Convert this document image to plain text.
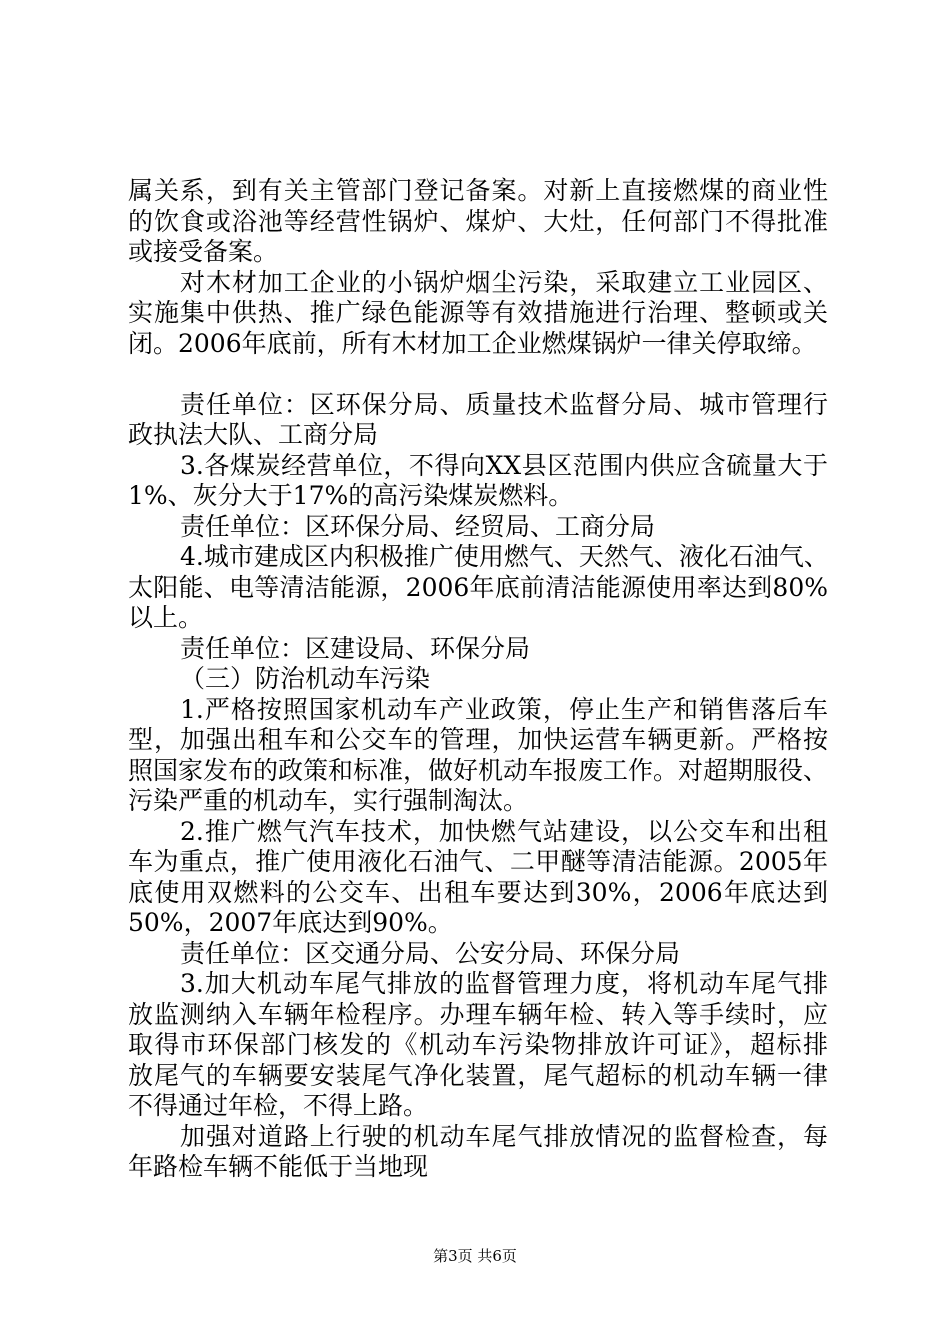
属关系，到有关主管部门登记备案。对新上直接燃煤的商业性
的饮食或浴池等经营性锅炉、煤炉、大灶，任何部门不得批准
或接受备案。
对木材加工企业的小锅炉烟尘污染，采取建立工业园区、
实施集中供热、推广绿色能源等有效措施进行治理、整顿或关
闭。2006年底前，所有木材加工企业燃煤锅炉一律关停取缔。
责任单位：区环保分局、质量技术监督分局、城市管理行
政执法大队、工商分局
3.各煤炭经营单位，不得向XX县区范围内供应含硫量大于
1%、灰分大于17%的高污染煤炭燃料。
责任单位：区环保分局、经贸局、工商分局
4.城市建成区内积极推广使用燃气、天然气、液化石油气、
太阳能、电等清洁能源，2006年底前清洁能源使用率达到80%
以上。
责任单位：区建设局、环保分局
（三）防治机动车污染
1.严格按照国家机动车产业政策，停止生产和销售落后车
型，加强出租车和公交车的管理，加快运营车辆更新。严格按
照国家发布的政策和标准，做好机动车报废工作。对超期服役、
污染严重的机动车，实行强制淘汰。
2.推广燃气汽车技术，加快燃气站建设，以公交车和出租
车为重点，推广使用液化石油气、二甲醚等清洁能源。2005年
底使用双燃料的公交车、出租车要达到30%，2006年底达到
50%，2007年底达到90%。
责任单位：区交通分局、公安分局、环保分局
3.加大机动车尾气排放的监督管理力度，将机动车尾气排
放监测纳入车辆年检程序。办理车辆年检、转入等手续时，应
取得市环保部门核发的《机动车污染物排放许可证》，超标排
放尾气的车辆要安装尾气净化装置，尾气超标的机动车辆一律
不得通过年检，不得上路。
加强对道路上行驶的机动车尾气排放情况的监督检查，每
年路检车辆不能低于当地现
第3页 共6页
